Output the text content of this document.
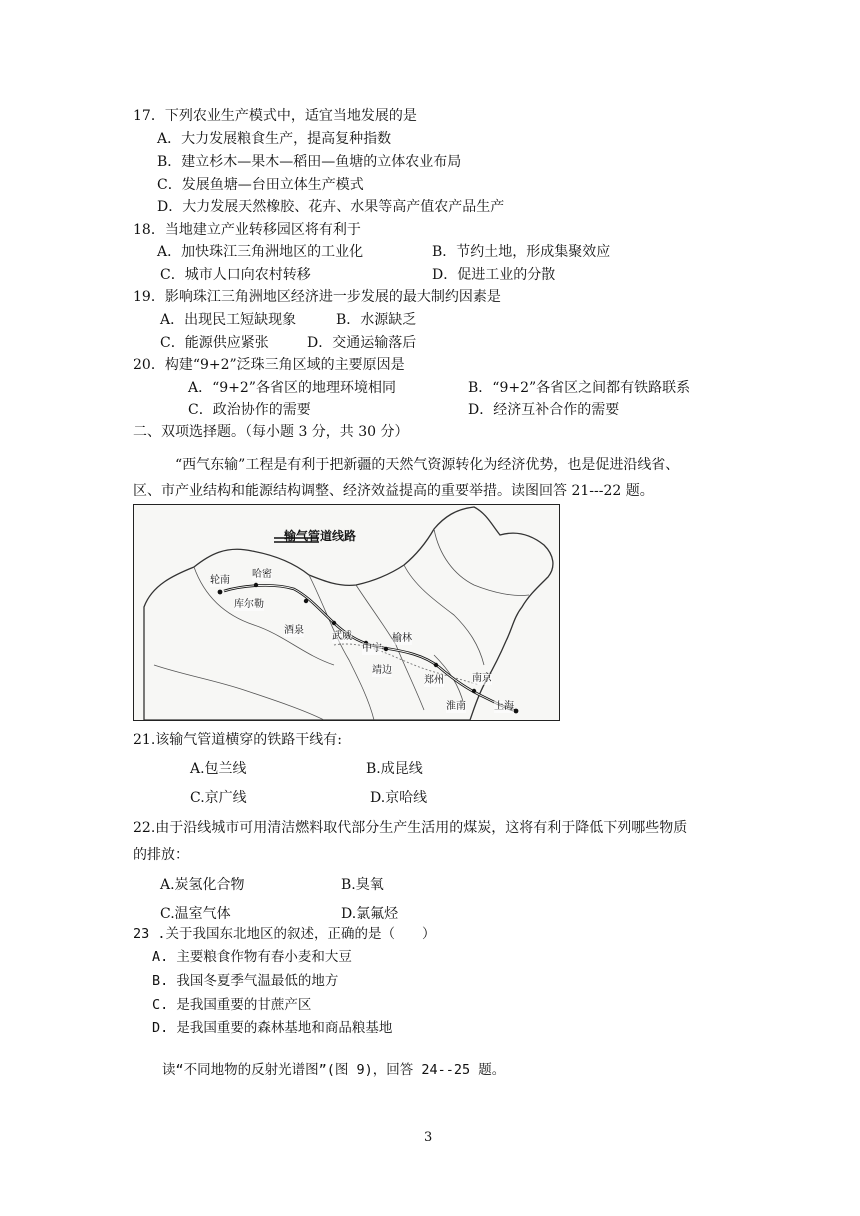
17．下列农业生产模式中，适宜当地发展的是
A．大力发展粮食生产，提高复种指数
B．建立杉木—果木—稻田—鱼塘的立体农业布局
C．发展鱼塘—台田立体生产模式
D．大力发展天然橡胶、花卉、水果等高产值农产品生产
18．当地建立产业转移园区将有利于
A．加快珠江三角洲地区的工业化	B．节约土地，形成集聚效应
C．城市人口向农村转移	D．促进工业的分散
19．影响珠江三角洲地区经济进一步发展的最大制约因素是
A．出现民工短缺现象	B．水源缺乏
C．能源供应紧张	D．交通运输落后
20．构建“9+2”泛珠三角区域的主要原因是
A．“9+2”各省区的地理环境相同	B．“9+2”各省区之间都有铁路联系
C．政治协作的需要	D．经济互补合作的需要
二、双项选择题。（每小题 3 分，共 30 分）
“西气东输”工程是有利于把新疆的天然气资源转化为经济优势，也是促进沿线省、
区、市产业结构和能源结构调整、经济效益提高的重要举措。读图回答 21---22 题。
输气管道线路
轮南
哈密
库尔勒
酒泉
武威
中宁
榆林
靖边
郑州	南京
淮南	上海
21.该输气管道横穿的铁路干线有:
A.包兰线	B.成昆线
C.京广线	D.京哈线
22.由于沿线城市可用清洁燃料取代部分生产生活用的煤炭，这将有利于降低下列哪些物质
的排放：
A.炭氢化合物	B.臭氧
C.温室气体	D.氯氟烃
23 .关于我国东北地区的叙述，正确的是（　　）
A. 主要粮食作物有春小麦和大豆
B. 我国冬夏季气温最低的地方
C. 是我国重要的甘蔗产区
D. 是我国重要的森林基地和商品粮基地
读“不同地物的反射光谱图”(图 9)，回答 24--25 题。
3
